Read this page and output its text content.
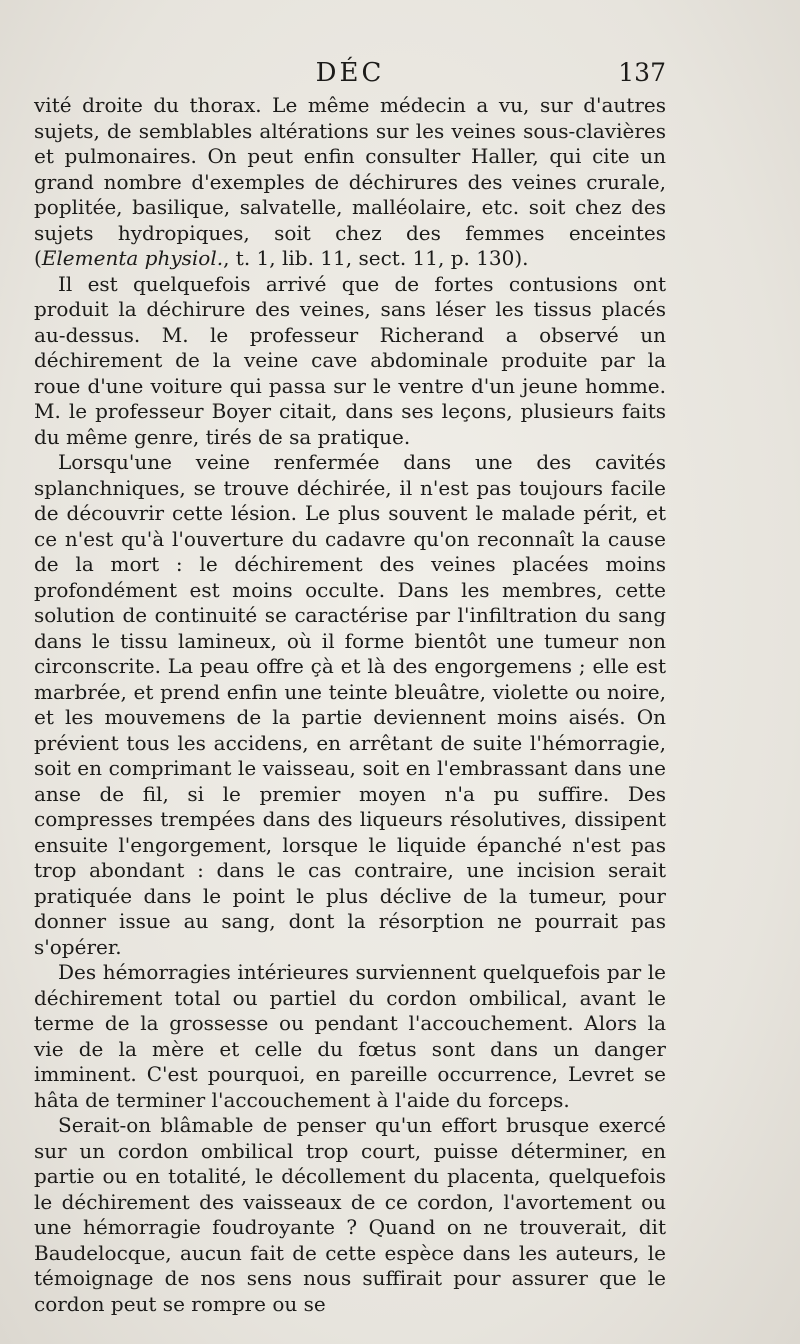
DÉC	137

vité droite du thorax. Le même médecin a vu, sur d'autres sujets, de semblables altérations sur les veines sous-clavières et pulmonaires. On peut enfin consulter Haller, qui cite un grand nombre d'exemples de déchirures des veines crurale, poplitée, basilique, salvatelle, malléolaire, etc. soit chez des sujets hydropiques, soit chez des femmes enceintes (Elementa physiol., t. 1, lib. 11, sect. 11, p. 130).

Il est quelquefois arrivé que de fortes contusions ont produit la déchirure des veines, sans léser les tissus placés au-dessus. M. le professeur Richerand a observé un déchirement de la veine cave abdominale produite par la roue d'une voiture qui passa sur le ventre d'un jeune homme. M. le professeur Boyer citait, dans ses leçons, plusieurs faits du même genre, tirés de sa pratique.

Lorsqu'une veine renfermée dans une des cavités splanchniques, se trouve déchirée, il n'est pas toujours facile de découvrir cette lésion. Le plus souvent le malade périt, et ce n'est qu'à l'ouverture du cadavre qu'on reconnaît la cause de la mort : le déchirement des veines placées moins profondément est moins occulte. Dans les membres, cette solution de continuité se caractérise par l'infiltration du sang dans le tissu lamineux, où il forme bientôt une tumeur non circonscrite. La peau offre çà et là des engorgemens ; elle est marbrée, et prend enfin une teinte bleuâtre, violette ou noire, et les mouvemens de la partie deviennent moins aisés. On prévient tous les accidens, en arrêtant de suite l'hémorragie, soit en comprimant le vaisseau, soit en l'embrassant dans une anse de fil, si le premier moyen n'a pu suffire. Des compresses trempées dans des liqueurs résolutives, dissipent ensuite l'engorgement, lorsque le liquide épanché n'est pas trop abondant : dans le cas contraire, une incision serait pratiquée dans le point le plus déclive de la tumeur, pour donner issue au sang, dont la résorption ne pourrait pas s'opérer.

Des hémorragies intérieures surviennent quelquefois par le déchirement total ou partiel du cordon ombilical, avant le terme de la grossesse ou pendant l'accouchement. Alors la vie de la mère et celle du fœtus sont dans un danger imminent. C'est pourquoi, en pareille occurrence, Levret se hâta de terminer l'accouchement à l'aide du forceps.

Serait-on blâmable de penser qu'un effort brusque exercé sur un cordon ombilical trop court, puisse déterminer, en partie ou en totalité, le décollement du placenta, quelquefois le déchirement des vaisseaux de ce cordon, l'avortement ou une hémorragie foudroyante ? Quand on ne trouverait, dit Baudelocque, aucun fait de cette espèce dans les auteurs, le témoignage de nos sens nous suffirait pour assurer que le cordon peut se rompre ou se
